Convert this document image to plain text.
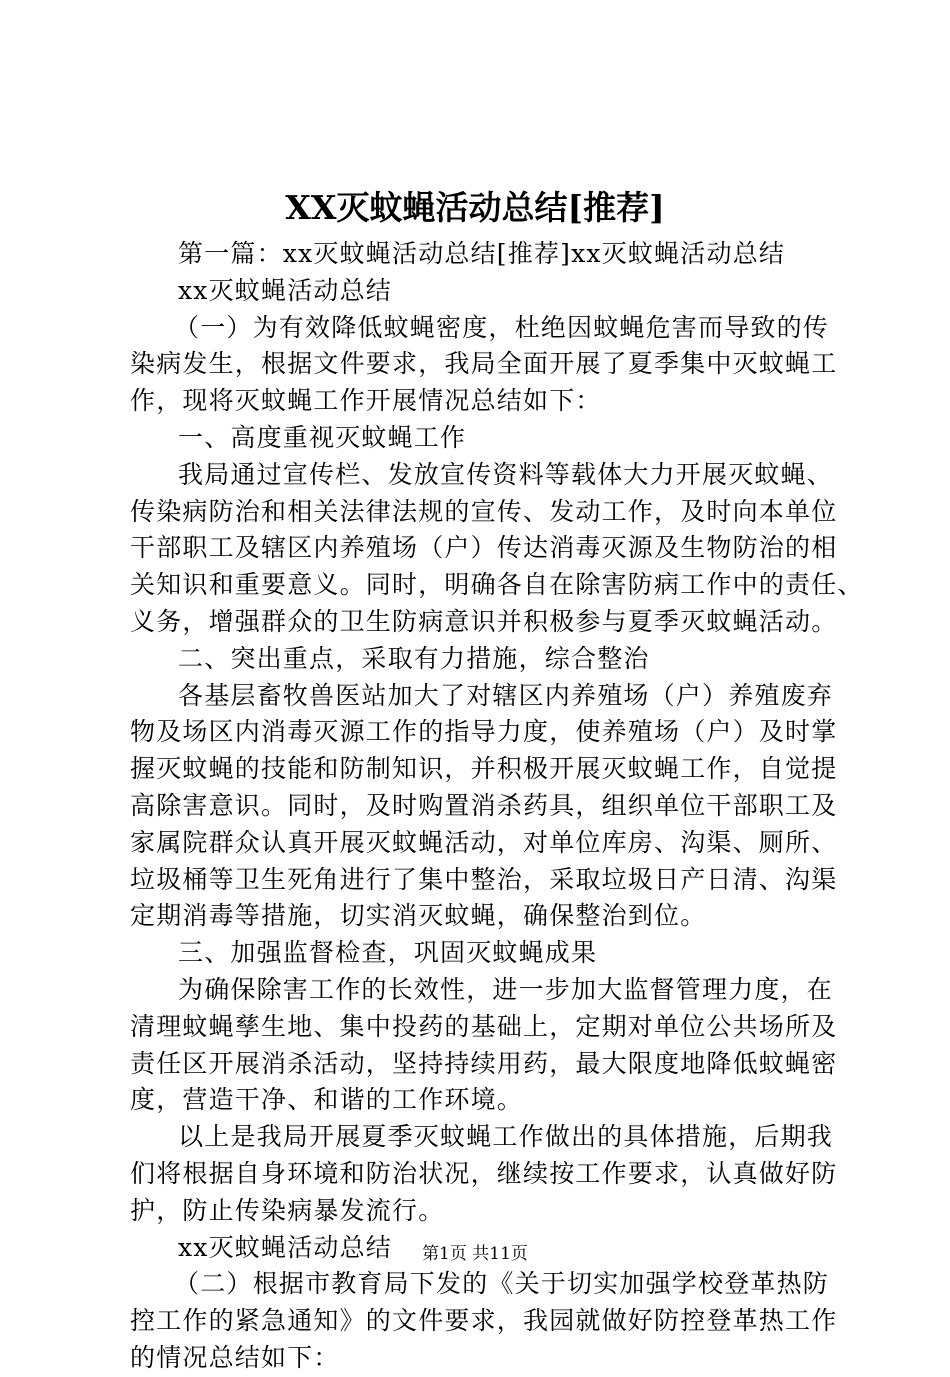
XX灭蚊蝇活动总结[推荐]
第一篇：xx灭蚊蝇活动总结[推荐]xx灭蚊蝇活动总结
xx灭蚊蝇活动总结
（一）为有效降低蚊蝇密度，杜绝因蚊蝇危害而导致的传
染病发生，根据文件要求，我局全面开展了夏季集中灭蚊蝇工
作，现将灭蚊蝇工作开展情况总结如下：
一、高度重视灭蚊蝇工作
我局通过宣传栏、发放宣传资料等载体大力开展灭蚊蝇、
传染病防治和相关法律法规的宣传、发动工作，及时向本单位
干部职工及辖区内养殖场（户）传达消毒灭源及生物防治的相
关知识和重要意义。同时，明确各自在除害防病工作中的责任、
义务，增强群众的卫生防病意识并积极参与夏季灭蚊蝇活动。
二、突出重点，采取有力措施，综合整治
各基层畜牧兽医站加大了对辖区内养殖场（户）养殖废弃
物及场区内消毒灭源工作的指导力度，使养殖场（户）及时掌
握灭蚊蝇的技能和防制知识，并积极开展灭蚊蝇工作，自觉提
高除害意识。同时，及时购置消杀药具，组织单位干部职工及
家属院群众认真开展灭蚊蝇活动，对单位库房、沟渠、厕所、
垃圾桶等卫生死角进行了集中整治，采取垃圾日产日清、沟渠
定期消毒等措施，切实消灭蚊蝇，确保整治到位。
三、加强监督检查，巩固灭蚊蝇成果
为确保除害工作的长效性，进一步加大监督管理力度，在
清理蚊蝇孳生地、集中投药的基础上，定期对单位公共场所及
责任区开展消杀活动，坚持持续用药，最大限度地降低蚊蝇密
度，营造干净、和谐的工作环境。
以上是我局开展夏季灭蚊蝇工作做出的具体措施，后期我
们将根据自身环境和防治状况，继续按工作要求，认真做好防
护，防止传染病暴发流行。
xx灭蚊蝇活动总结
（二）根据市教育局下发的《关于切实加强学校登革热防
控工作的紧急通知》的文件要求，我园就做好防控登革热工作
的情况总结如下：
第1页 共11页
